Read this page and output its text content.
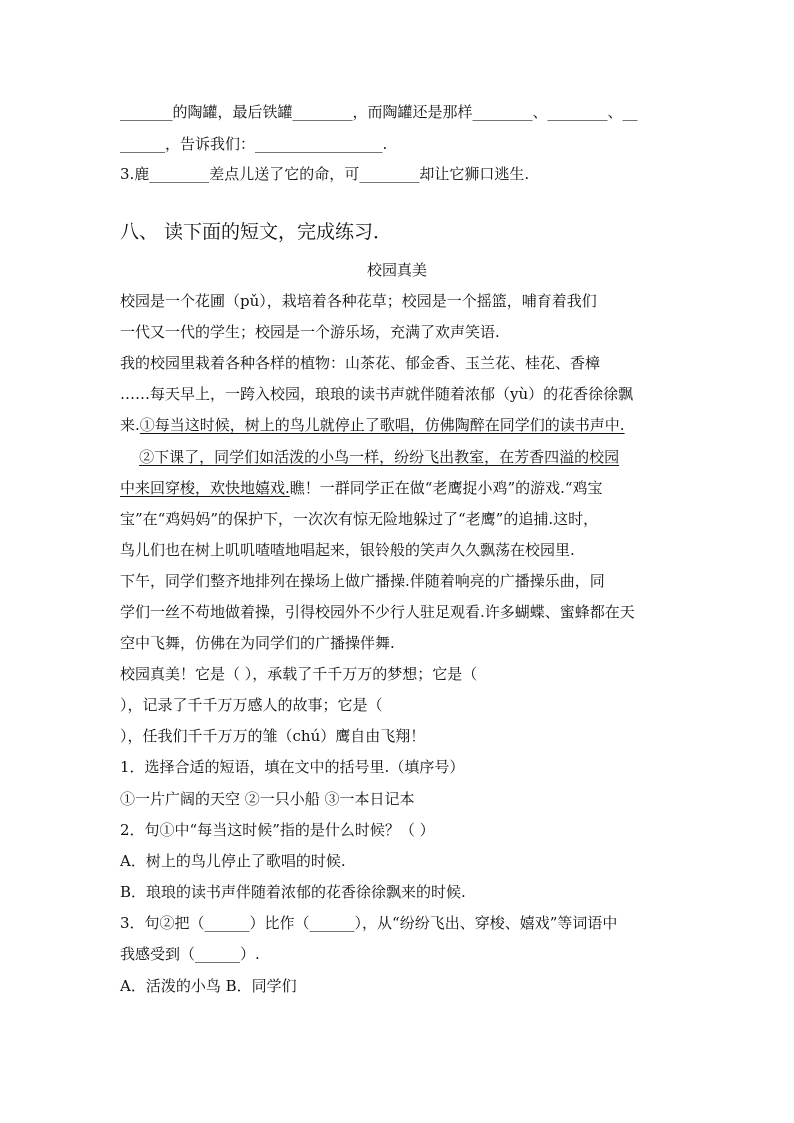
_______的陶罐，最后铁罐________，而陶罐还是那样________、________、__
______，告诉我们：_________________.
3.鹿________差点儿送了它的命，可________却让它狮口逃生.
八、 读下面的短文，完成练习．
校园真美
校园是一个花圃（pǔ），栽培着各种花草；校园是一个摇篮，哺育着我们
一代又一代的学生；校园是一个游乐场，充满了欢声笑语.
我的校园里栽着各种各样的植物：山茶花、郁金香、玉兰花、桂花、香樟
……每天早上，一跨入校园，琅琅的读书声就伴随着浓郁（yù）的花香徐徐飘
来.①每当这时候，树上的鸟儿就停止了歌唱，仿佛陶醉在同学们的读书声中.
②下课了，同学们如活泼的小鸟一样，纷纷飞出教室，在芳香四溢的校园
中来回穿梭，欢快地嬉戏.瞧！一群同学正在做“老鹰捉小鸡”的游戏.“鸡宝
宝”在“鸡妈妈”的保护下，一次次有惊无险地躲过了“老鹰”的追捕.这时，
鸟儿们也在树上叽叽喳喳地唱起来，银铃般的笑声久久飘荡在校园里.
下午，同学们整齐地排列在操场上做广播操.伴随着响亮的广播操乐曲，同
学们一丝不苟地做着操，引得校园外不少行人驻足观看.许多蝴蝶、蜜蜂都在天
空中飞舞，仿佛在为同学们的广播操伴舞.
校园真美！它是（ ），承载了千千万万的梦想；它是（
），记录了千千万万感人的故事；它是（
），任我们千千万万的雏（chú）鹰自由飞翔！
1．选择合适的短语，填在文中的括号里.（填序号）
①一片广阔的天空 ②一只小船 ③一本日记本
2．句①中“每当这时候”指的是什么时候？（ ）
A．树上的鸟儿停止了歌唱的时候.
B．琅琅的读书声伴随着浓郁的花香徐徐飘来的时候.
3．句②把（______）比作（______），从“纷纷飞出、穿梭、嬉戏”等词语中
我感受到（______）.
A．活泼的小鸟 B．同学们
